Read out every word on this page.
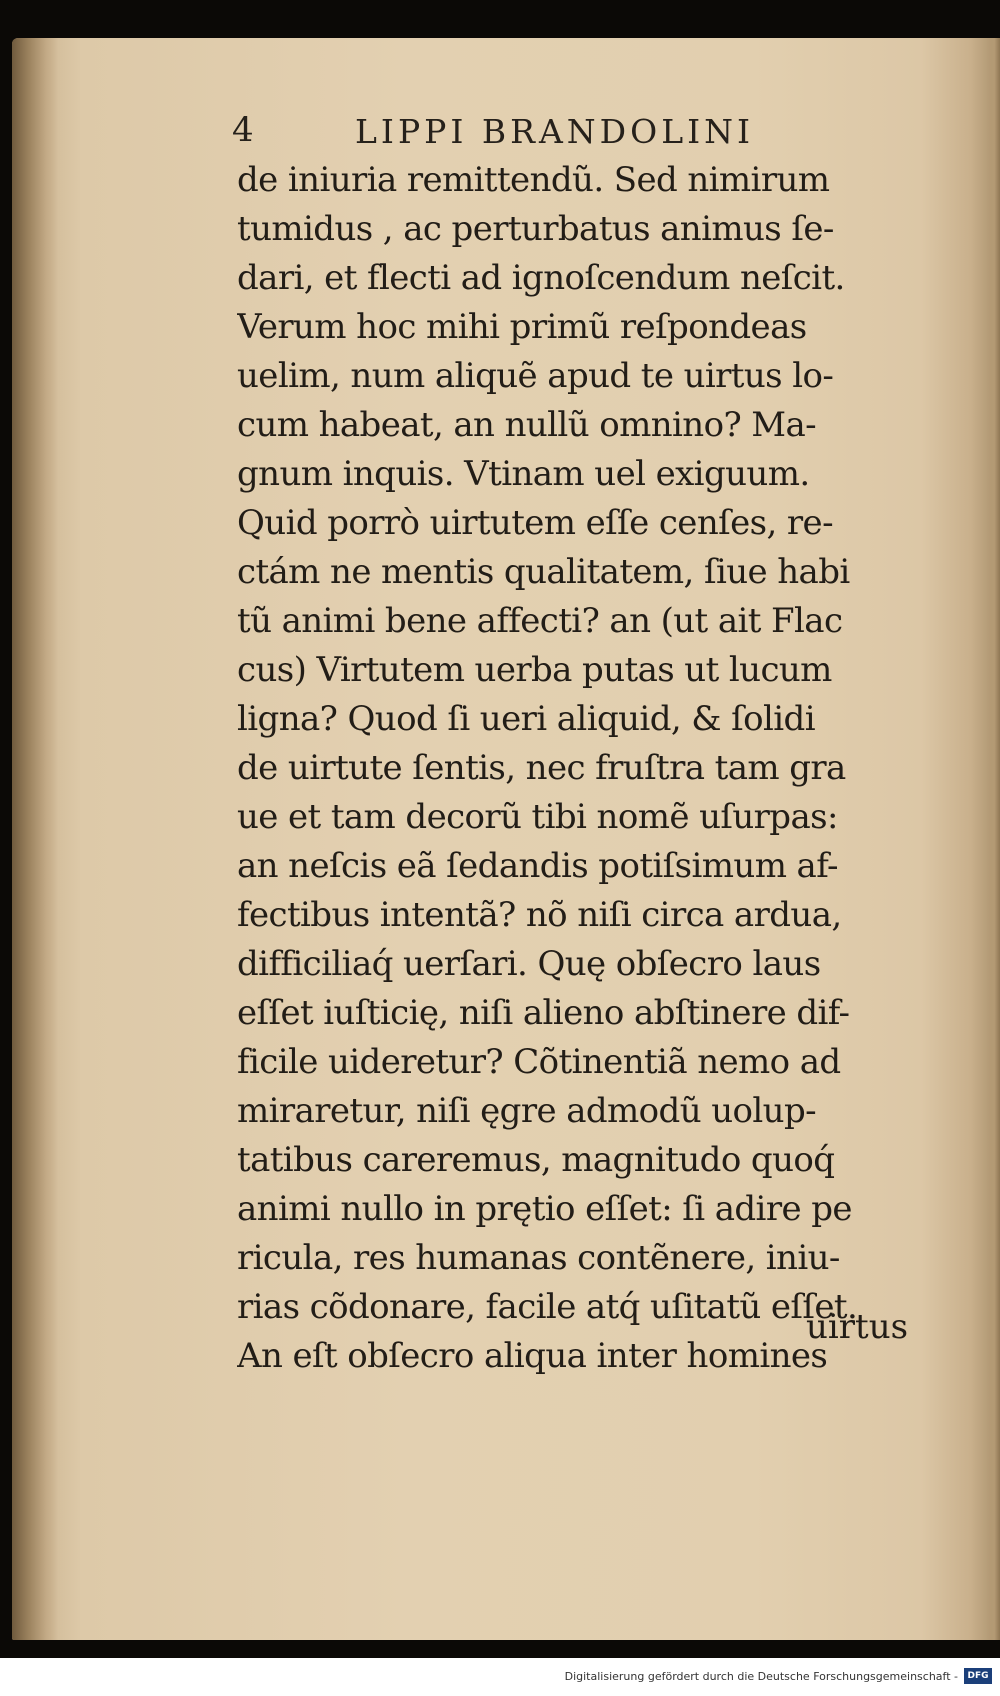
4	LIPPI BRANDOLINI
de iniuria remittendũ. Sed nimirum
tumidus , ac perturbatus animus ſe-
dari, et flecti ad ignoſcendum neſcit.
Verum hoc mihi primũ reſpondeas
uelim, num aliquẽ apud te uirtus lo-
cum habeat, an nullũ omnino? Ma-
gnum inquis. Vtinam uel exiguum.
Quid porrò uirtutem eſſe cenſes, re-
ctám ne mentis qualitatem, ſiue habi
tũ animi bene affecti? an (ut ait Flac
cus) Virtutem uerba putas ut lucum
ligna? Quod ſi ueri aliquid, & ſolidi
de uirtute ſentis, nec fruſtra tam gra
ue et tam decorũ tibi nomẽ uſurpas:
an neſcis eã ſedandis potiſsimum af-
fectibus intentã? nõ niſi circa ardua,
difficiliaq́ uerſari. Quę obſecro laus
eſſet iuſticię, niſi alieno abſtinere dif-
ficile uideretur? Cõtinentiã nemo ad
miraretur, niſi ęgre admodũ uolup-
tatibus careremus, magnitudo quoq́
animi nullo in prętio eſſet: ſi adire pe
ricula, res humanas contẽnere, iniu-
rias cõdonare, facile atq́ uſitatũ eſſet.
An eſt obſecro aliqua inter homines
uirtus
Digitalisierung gefördert durch die Deutsche Forschungsgemeinschaft -	DFG
